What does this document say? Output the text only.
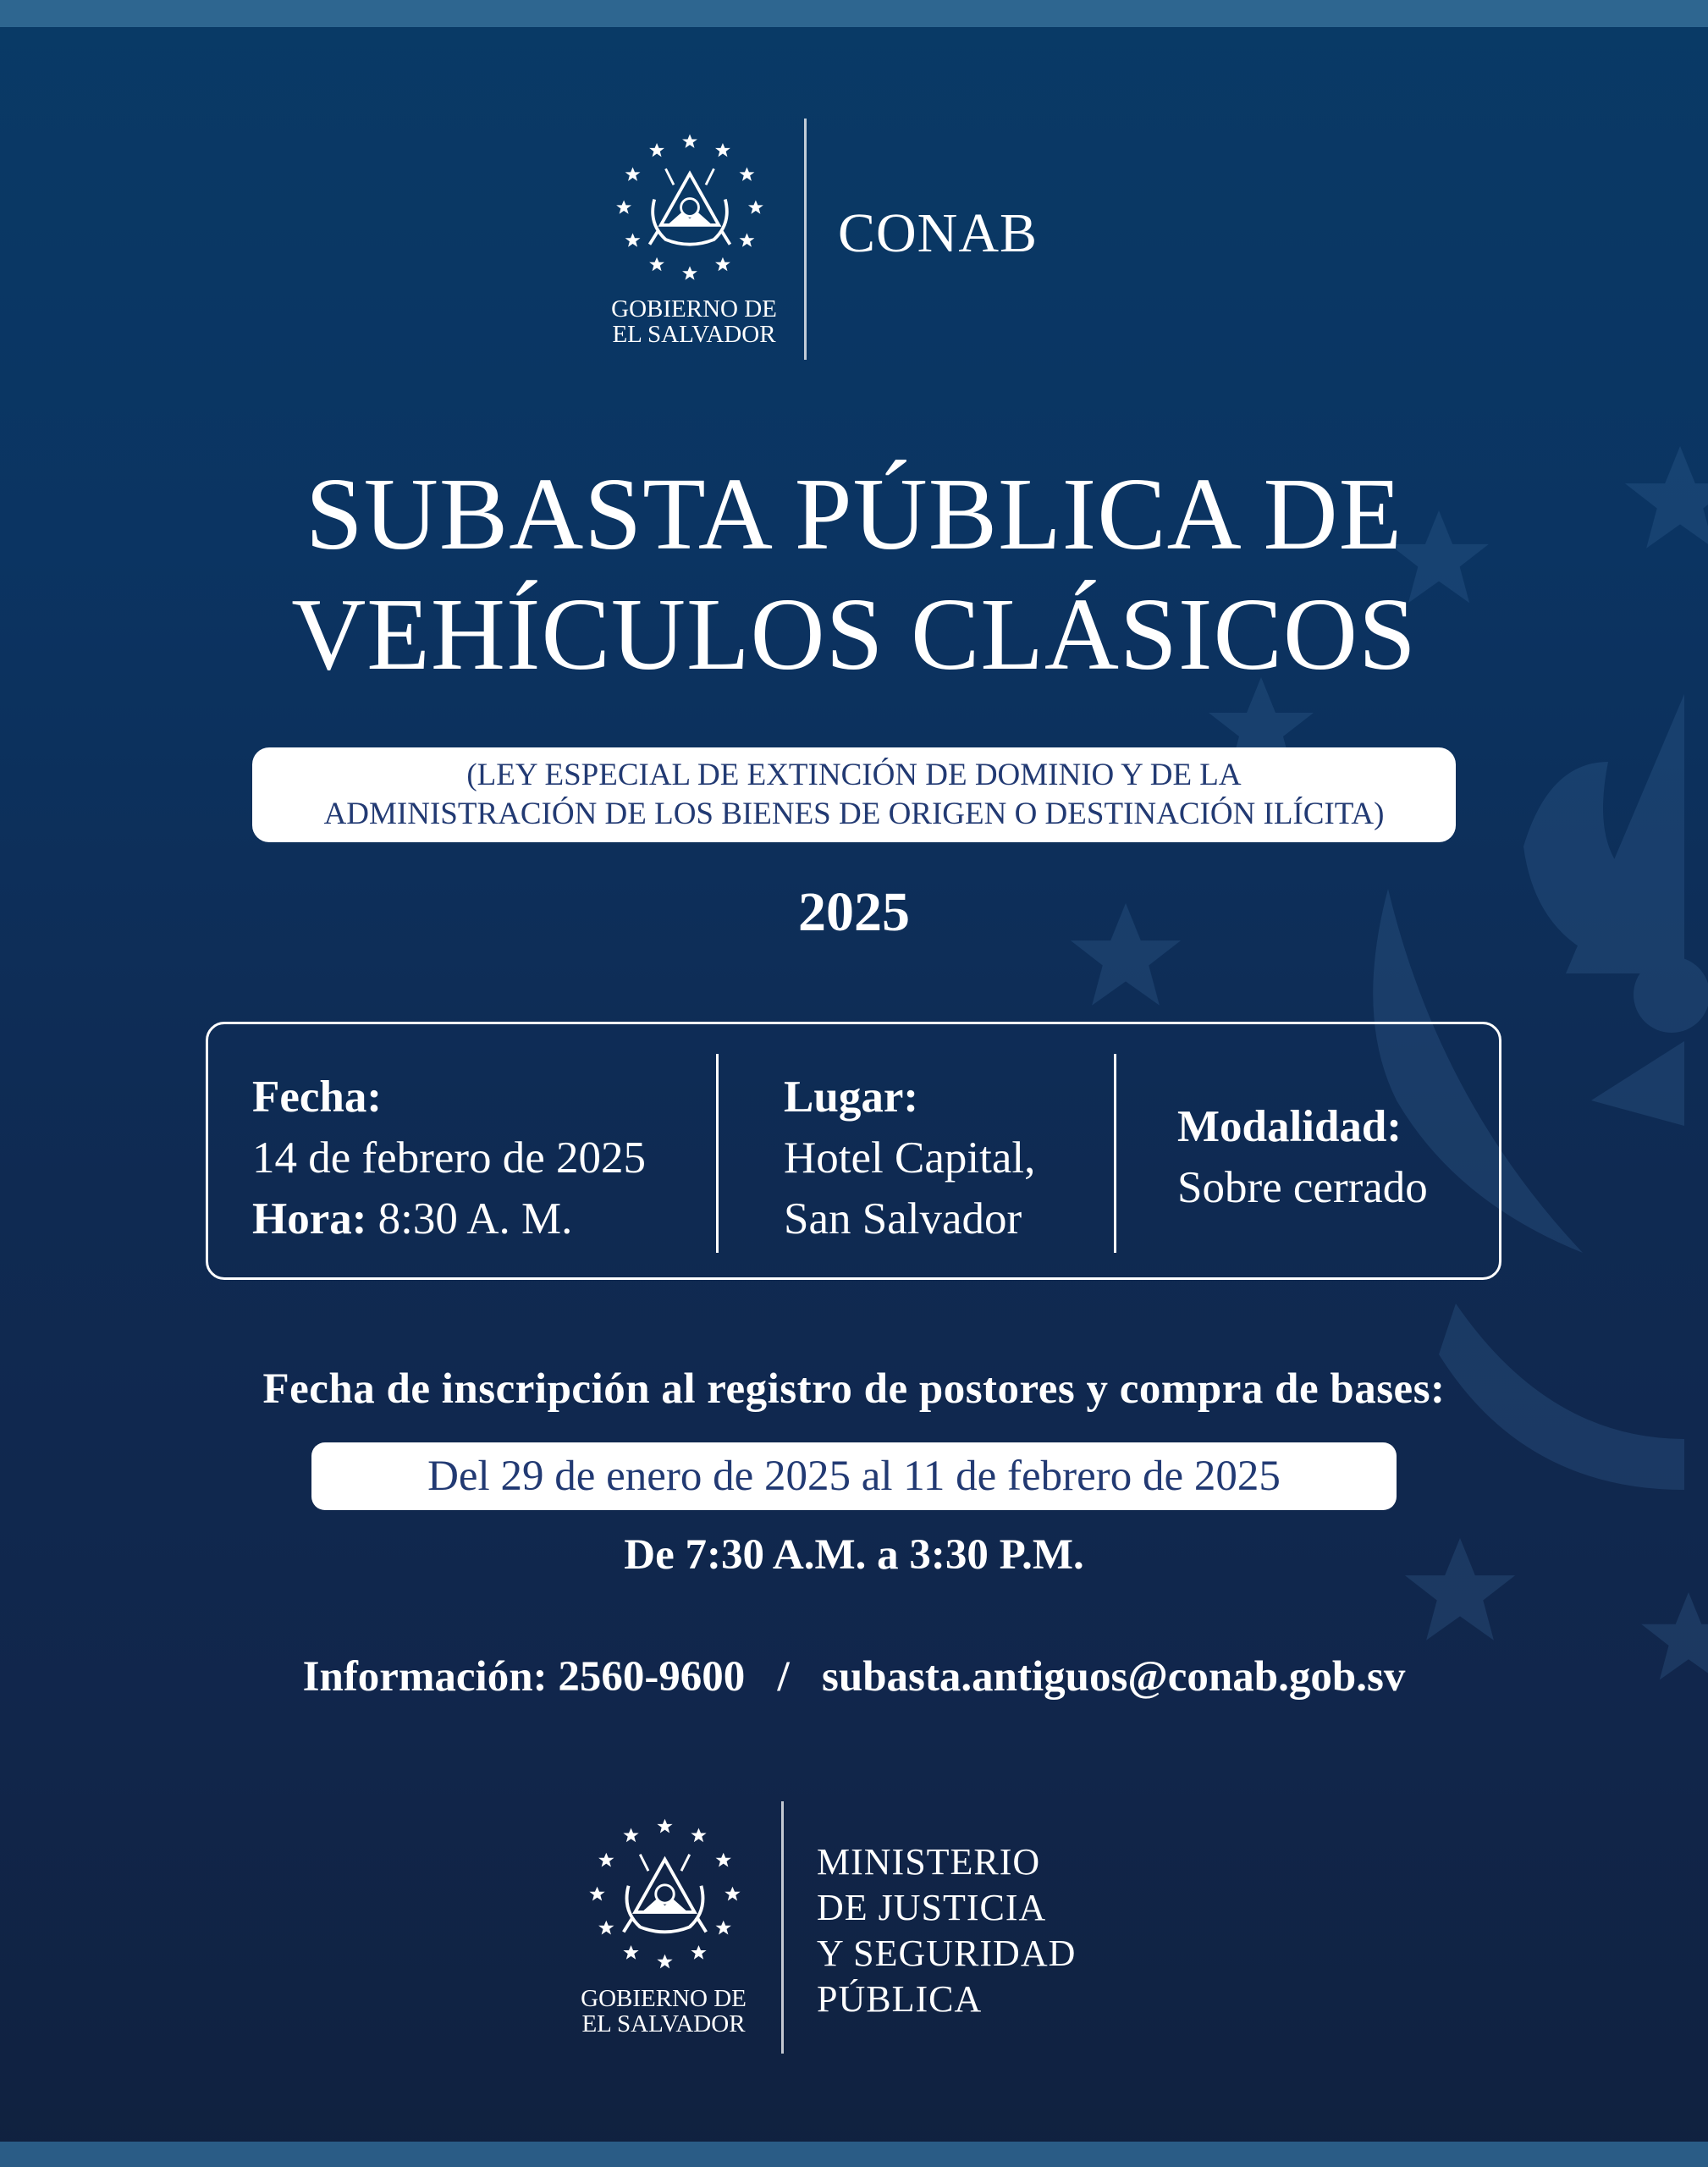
GOBIERNO DE
EL SALVADOR
CONAB
SUBASTA PÚBLICA DE
VEHÍCULOS CLÁSICOS
(LEY ESPECIAL DE EXTINCIÓN DE DOMINIO Y DE LA
ADMINISTRACIÓN DE LOS BIENES DE ORIGEN O DESTINACIÓN ILÍCITA)
2025
Fecha:
14 de febrero de 2025
Hora: 8:30 A. M.
Lugar:
Hotel Capital,
San Salvador
Modalidad:
Sobre cerrado
Fecha de inscripción al registro de postores y compra de bases:
Del 29 de enero de 2025 al 11 de febrero de 2025
De 7:30 A.M. a 3:30 P.M.
Información: 2560-9600   /   subasta.antiguos@conab.gob.sv
GOBIERNO DE
EL SALVADOR
MINISTERIO
DE JUSTICIA
Y SEGURIDAD
PÚBLICA
